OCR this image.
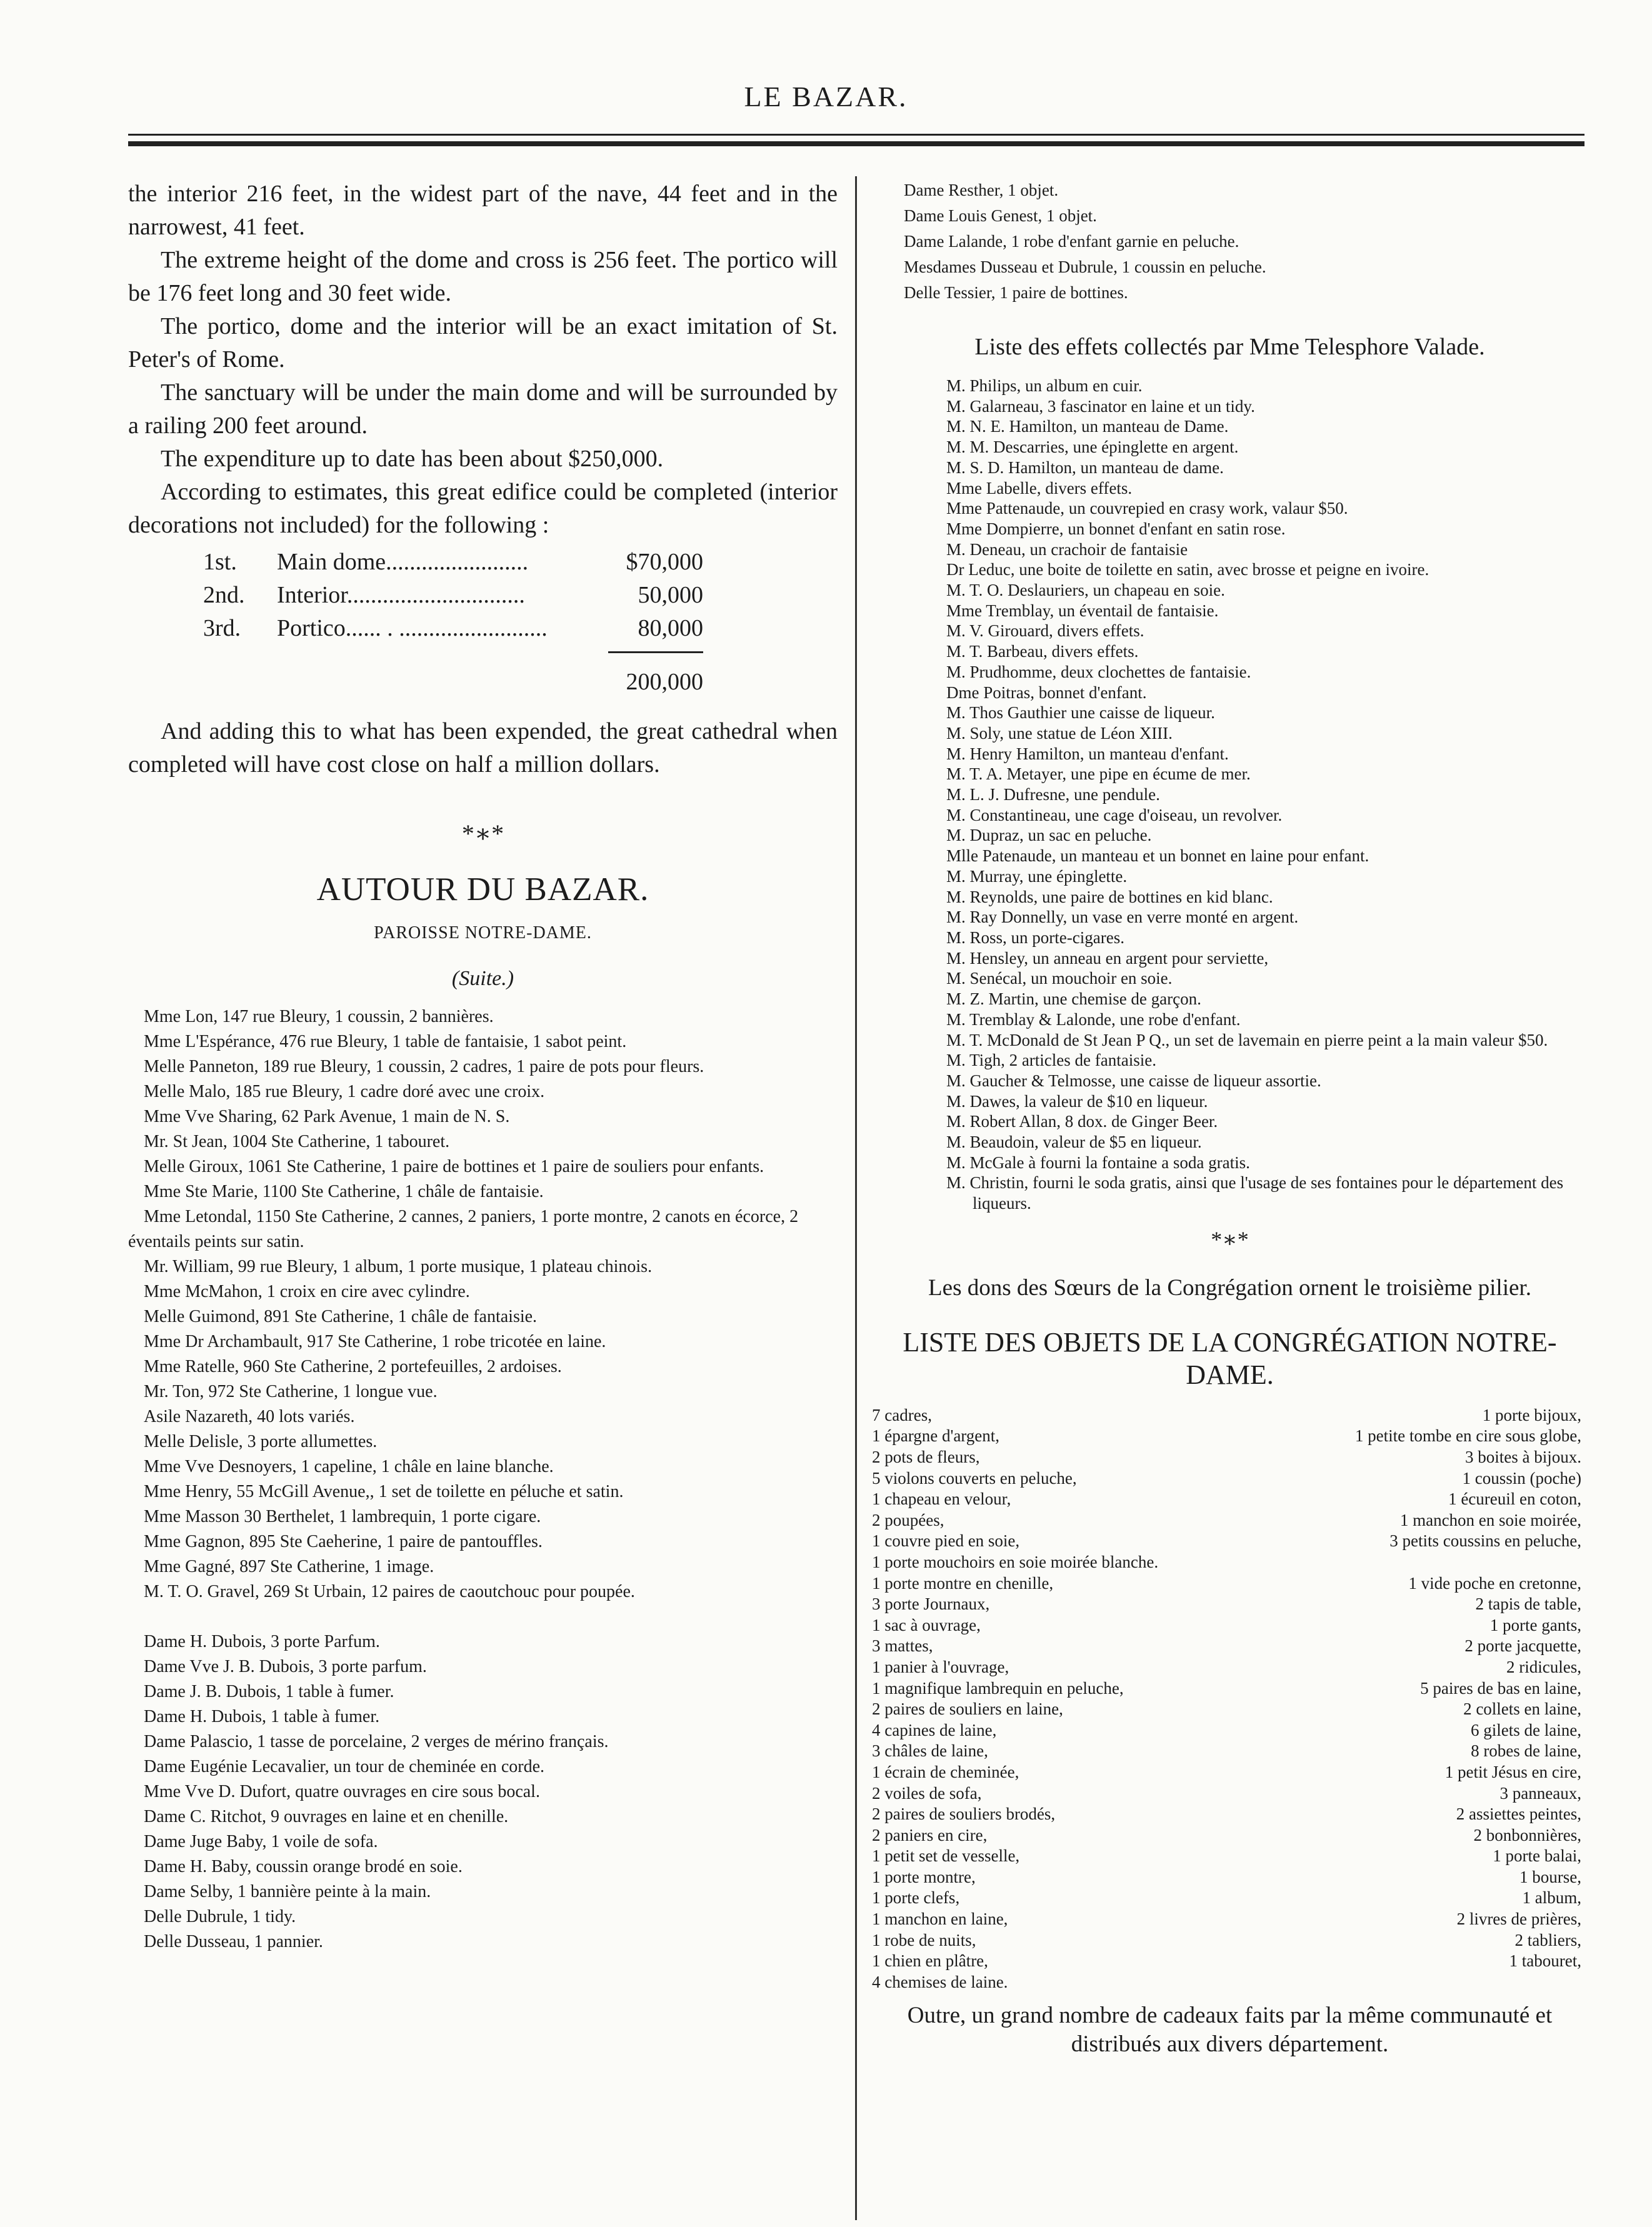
LE BAZAR.

the interior 216 feet, in the widest part of the nave, 44 feet and in the narrowest, 41 feet.

The extreme height of the dome and cross is 256 feet. The portico will be 176 feet long and 30 feet wide.

The portico, dome and the interior will be an exact imitation of St. Peter's of Rome.

The sanctuary will be under the main dome and will be surrounded by a railing 200 feet around.

The expenditure up to date has been about $250,000.

According to estimates, this great edifice could be completed (interior decorations not included) for the following :

1st.	Main dome........................	$70,000
2nd.	Interior..............................	50,000
3rd.	Portico...... . .........................	80,000
200,000

And adding this to what has been expended, the great cathedral when completed will have cost close on half a million dollars.

*∗*
AUTOUR DU BAZAR.
PAROISSE NOTRE-DAME.
(Suite.)

Mme Lon, 147 rue Bleury, 1 coussin, 2 bannières.

Mme L'Espérance, 476 rue Bleury, 1 table de fantaisie, 1 sabot peint.

Melle Panneton, 189 rue Bleury, 1 coussin, 2 cadres, 1 paire de pots pour fleurs.

Melle Malo, 185 rue Bleury, 1 cadre doré avec une croix.

Mme Vve Sharing, 62 Park Avenue, 1 main de N. S.

Mr. St Jean, 1004 Ste Catherine, 1 tabouret.

Melle Giroux, 1061 Ste Catherine, 1 paire de bottines et 1 paire de souliers pour enfants.

Mme Ste Marie, 1100 Ste Catherine, 1 châle de fantaisie.

Mme Letondal, 1150 Ste Catherine, 2 cannes, 2 paniers, 1 porte montre, 2 canots en écorce, 2 éventails peints sur satin.

Mr. William, 99 rue Bleury, 1 album, 1 porte musique, 1 plateau chinois.

Mme McMahon, 1 croix en cire avec cylindre.

Melle Guimond, 891 Ste Catherine, 1 châle de fantaisie.

Mme Dr Archambault, 917 Ste Catherine, 1 robe tricotée en laine.

Mme Ratelle, 960 Ste Catherine, 2 portefeuilles, 2 ardoises.

Mr. Ton, 972 Ste Catherine, 1 longue vue.

Asile Nazareth, 40 lots variés.

Melle Delisle, 3 porte allumettes.

Mme Vve Desnoyers, 1 capeline, 1 châle en laine blanche.

Mme Henry, 55 McGill Avenue,, 1 set de toilette en péluche et satin.

Mme Masson 30 Berthelet, 1 lambrequin, 1 porte cigare.

Mme Gagnon, 895 Ste Caeherine, 1 paire de pantouffles.

Mme Gagné, 897 Ste Catherine, 1 image.

M. T. O. Gravel, 269 St Urbain, 12 paires de caoutchouc pour poupée.

Dame H. Dubois, 3 porte Parfum.

Dame Vve J. B. Dubois, 3 porte parfum.

Dame J. B. Dubois, 1 table à fumer.

Dame H. Dubois, 1 table à fumer.

Dame Palascio, 1 tasse de porcelaine, 2 verges de mérino français.

Dame Eugénie Lecavalier, un tour de cheminée en corde.

Mme Vve D. Dufort, quatre ouvrages en cire sous bocal.

Dame C. Ritchot, 9 ouvrages en laine et en chenille.

Dame Juge Baby, 1 voile de sofa.

Dame H. Baby, coussin orange brodé en soie.

Dame Selby, 1 bannière peinte à la main.

Delle Dubrule, 1 tidy.

Delle Dusseau, 1 pannier.

Dame Resther, 1 objet.

Dame Louis Genest, 1 objet.

Dame Lalande, 1 robe d'enfant garnie en peluche.

Mesdames Dusseau et Dubrule, 1 coussin en peluche.

Delle Tessier, 1 paire de bottines.

Liste des effets collectés par Mme Telesphore Valade.

M. Philips, un album en cuir.

M. Galarneau, 3 fascinator en laine et un tidy.

M. N. E. Hamilton, un manteau de Dame.

M. M. Descarries, une épinglette en argent.

M. S. D. Hamilton, un manteau de dame.

Mme Labelle, divers effets.

Mme Pattenaude, un couvrepied en crasy work, valaur $50.

Mme Dompierre, un bonnet d'enfant en satin rose.

M. Deneau, un crachoir de fantaisie

Dr Leduc, une boite de toilette en satin, avec brosse et peigne en ivoire.

M. T. O. Deslauriers, un chapeau en soie.

Mme Tremblay, un éventail de fantaisie.

M. V. Girouard, divers effets.

M. T. Barbeau, divers effets.

M. Prudhomme, deux clochettes de fantaisie.

Dme Poitras, bonnet d'enfant.

M. Thos Gauthier une caisse de liqueur.

M. Soly, une statue de Léon XIII.

M. Henry Hamilton, un manteau d'enfant.

M. T. A. Metayer, une pipe en écume de mer.

M. L. J. Dufresne, une pendule.

M. Constantineau, une cage d'oiseau, un revolver.

M. Dupraz, un sac en peluche.

Mlle Patenaude, un manteau et un bonnet en laine pour enfant.

M. Murray, une épinglette.

M. Reynolds, une paire de bottines en kid blanc.

M. Ray Donnelly, un vase en verre monté en argent.

M. Ross, un porte-cigares.

M. Hensley, un anneau en argent pour serviette,

M. Senécal, un mouchoir en soie.

M. Z. Martin, une chemise de garçon.

M. Tremblay & Lalonde, une robe d'enfant.

M. T. McDonald de St Jean P Q., un set de lavemain en pierre peint a la main valeur $50.

M. Tigh, 2 articles de fantaisie.

M. Gaucher & Telmosse, une caisse de liqueur assortie.

M. Dawes, la valeur de $10 en liqueur.

M. Robert Allan, 8 dox. de Ginger Beer.

M. Beaudoin, valeur de $5 en liqueur.

M. McGale à fourni la fontaine a soda gratis.

M. Christin, fourni le soda gratis, ainsi que l'usage de ses fontaines pour le département des liqueurs.

*∗*
Les dons des Sœurs de la Congrégation ornent le troisième pilier.
LISTE DES OBJETS DE LA CONGRÉGATION NOTRE-DAME.
7 cadres,	1 porte bijoux,
1 épargne d'argent,	1 petite tombe en cire sous globe,
2 pots de fleurs,	3 boites à bijoux.
5 violons couverts en peluche,	1 coussin (poche)
1 chapeau en velour,	1 écureuil en coton,
2 poupées,	1 manchon en soie moirée,
1 couvre pied en soie,	3 petits coussins en peluche,
1 porte mouchoirs en soie moirée blanche.
1 porte montre en chenille,	1 vide poche en cretonne,
3 porte Journaux,	2 tapis de table,
1 sac à ouvrage,	1 porte gants,
3 mattes,	2 porte jacquette,
1 panier à l'ouvrage,	2 ridicules,
1 magnifique lambrequin en peluche,	5 paires de bas en laine,
2 paires de souliers en laine,	2 collets en laine,
4 capines de laine,	6 gilets de laine,
3 châles de laine,	8 robes de laine,
1 écrain de cheminée,	1 petit Jésus en cire,
2 voiles de sofa,	3 panneaux,
2 paires de souliers brodés,	2 assiettes peintes,
2 paniers en cire,	2 bonbonnières,
1 petit set de vesselle,	1 porte balai,
1 porte montre,	1 bourse,
1 porte clefs,	1 album,
1 manchon en laine,	2 livres de prières,
1 robe de nuits,	2 tabliers,
1 chien en plâtre,	1 tabouret,
4 chemises de laine.
Outre, un grand nombre de cadeaux faits par la même communauté et distribués aux divers département.
